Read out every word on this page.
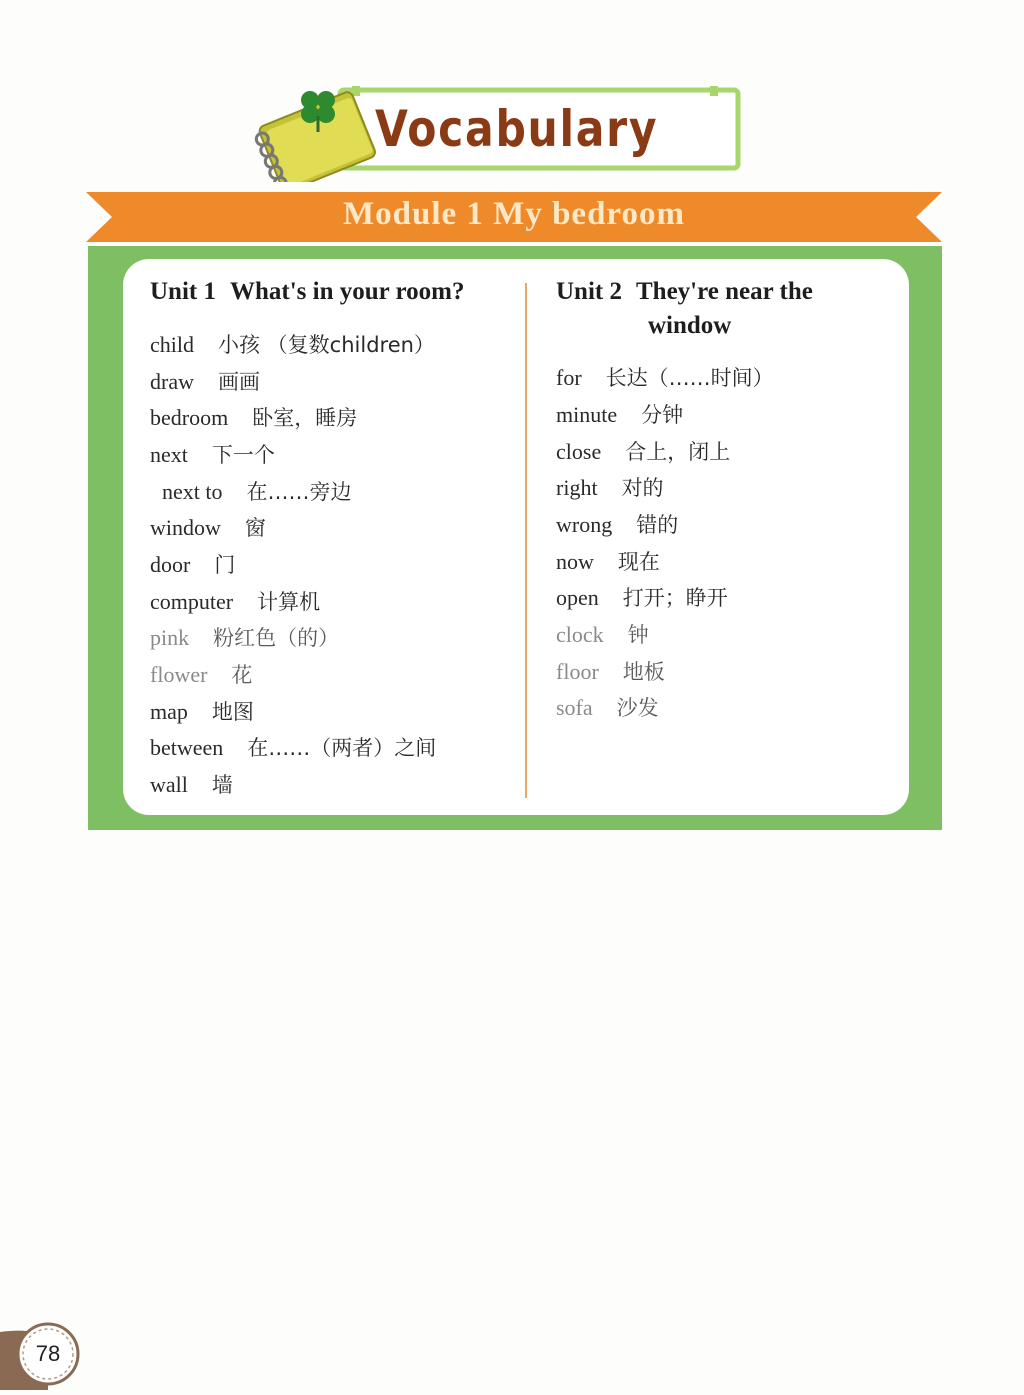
Vocabulary
Module 1 My bedroom
Unit 1 What's in your room?
child 小孩 （复数children）
draw 画画
bedroom 卧室，睡房
next 下一个
next to 在……旁边
window 窗
door 门
computer 计算机
pink 粉红色（的）
flower 花
map 地图
between 在……（两者）之间
wall 墙
Unit 2 They're near the
window
for 长达（……时间）
minute 分钟
close 合上，闭上
right 对的
wrong 错的
now 现在
open 打开；睁开
clock 钟
floor 地板
sofa 沙发
78
